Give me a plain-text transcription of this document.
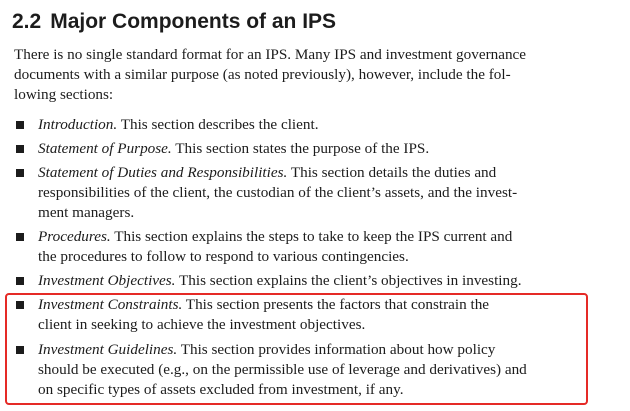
2.2 Major Components of an IPS

There is no single standard format for an IPS. Many IPS and investment governance
documents with a similar purpose (as noted previously), however, include the fol-
lowing sections:

Introduction. This section describes the client.
Statement of Purpose. This section states the purpose of the IPS.
Statement of Duties and Responsibilities. This section details the duties and
responsibilities of the client, the custodian of the client’s assets, and the invest-
ment managers.
Procedures. This section explains the steps to take to keep the IPS current and
the procedures to follow to respond to various contingencies.
Investment Objectives. This section explains the client’s objectives in investing.
Investment Constraints. This section presents the factors that constrain the
client in seeking to achieve the investment objectives.
Investment Guidelines. This section provides information about how policy
should be executed (e.g., on the permissible use of leverage and derivatives) and
on specific types of assets excluded from investment, if any.
